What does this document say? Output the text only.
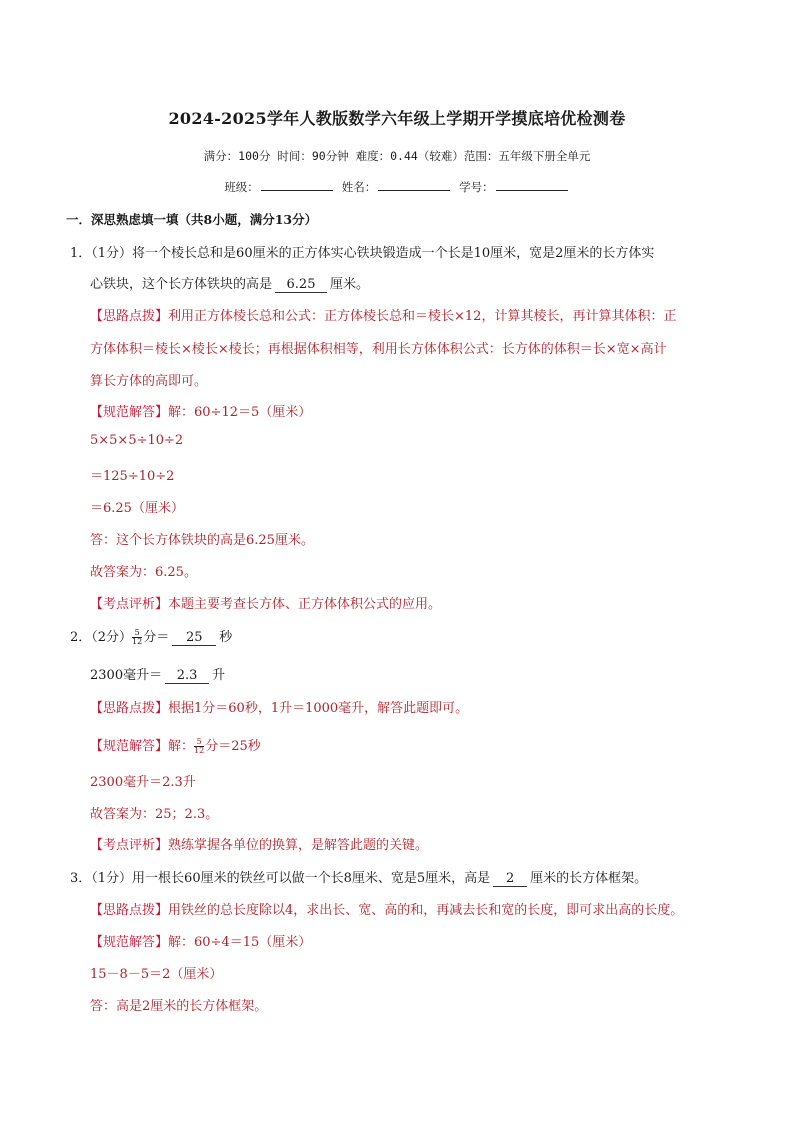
2024-2025学年人教版数学六年级上学期开学摸底培优检测卷
满分：100分 时间：90分钟 难度：0.44（较难）范围：五年级下册全单元
班级：	姓名：	学号：
一．深思熟虑填一填（共8小题，满分13分）
1．（1分）将一个棱长总和是60厘米的正方体实心铁块锻造成一个长是10厘米，宽是2厘米的长方体实
心铁块，这个长方体铁块的高是 6.25 厘米。
【思路点拨】利用正方体棱长总和公式：正方体棱长总和＝棱长×12，计算其棱长，再计算其体积：正
方体体积＝棱长×棱长×棱长；再根据体积相等，利用长方体体积公式：长方体的体积＝长×宽×高计
算长方体的高即可。
【规范解答】解：60÷12＝5（厘米）
5×5×5÷10÷2
＝125÷10÷2
＝6.25（厘米）
答：这个长方体铁块的高是6.25厘米。
故答案为：6.25。
【考点评析】本题主要考查长方体、正方体体积公式的应用。
2．（2分） $\frac{5}{12}$ 分＝ 25 秒
2300毫升＝ 2.3 升
【思路点拨】根据1分＝60秒，1升＝1000毫升，解答此题即可。
【规范解答】解： $\frac{5}{12}$ 分＝25秒
2300毫升＝2.3升
故答案为：25；2.3。
【考点评析】熟练掌握各单位的换算，是解答此题的关键。
3．（1分）用一根长60厘米的铁丝可以做一个长8厘米、宽是5厘米，高是 2 厘米的长方体框架。
【思路点拨】用铁丝的总长度除以4，求出长、宽、高的和，再减去长和宽的长度，即可求出高的长度。
【规范解答】解：60÷4＝15（厘米）
15－8－5＝2（厘米）
答：高是2厘米的长方体框架。
